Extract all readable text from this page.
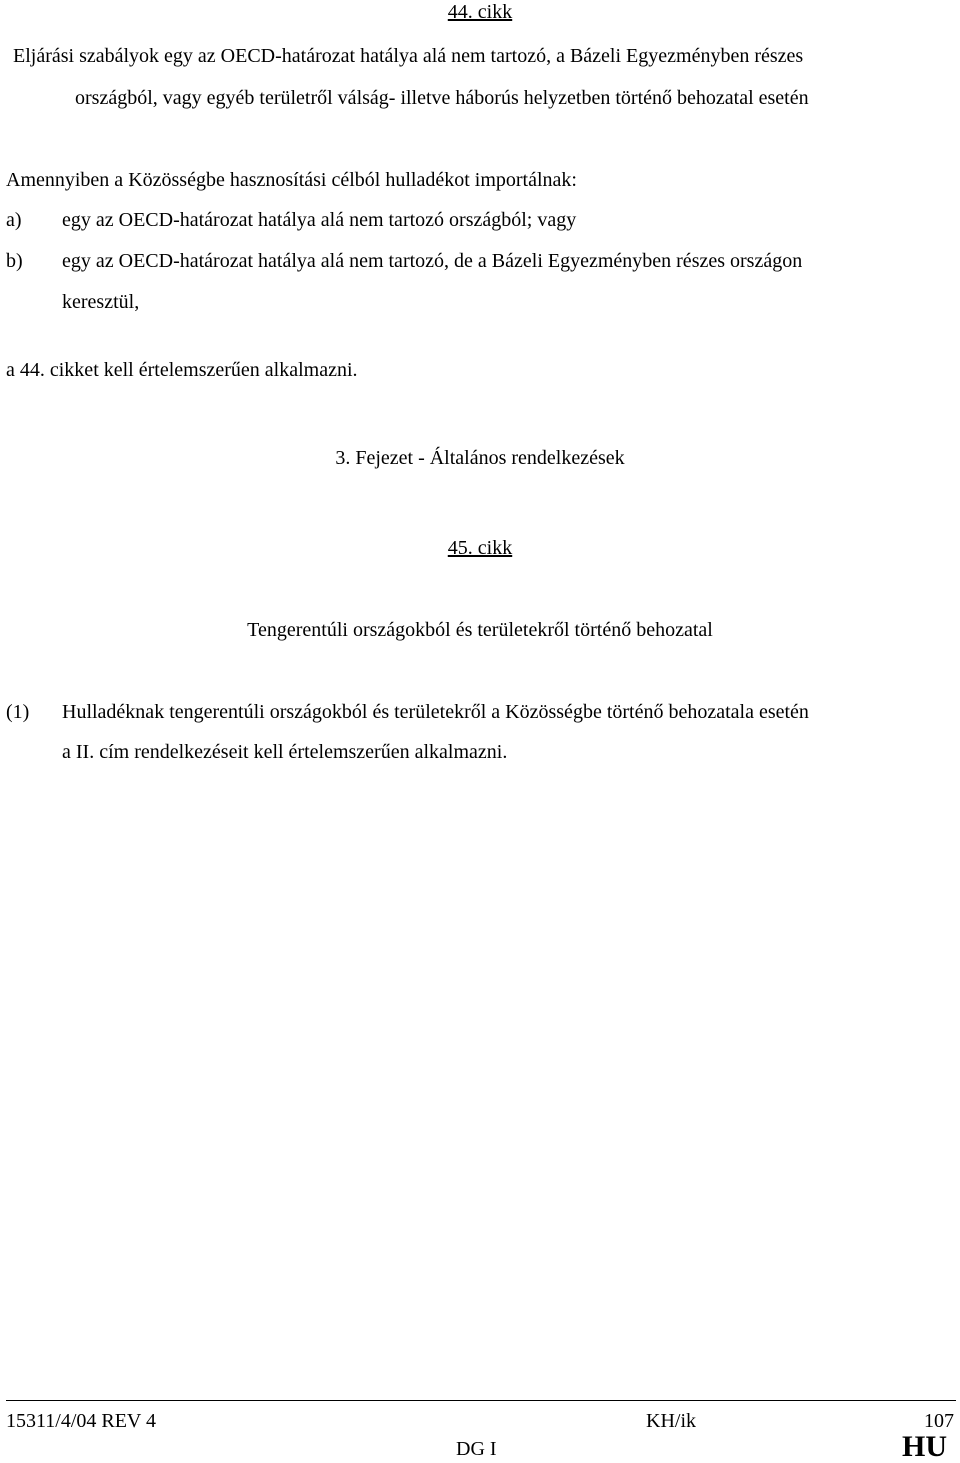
44. cikk

Eljárási szabályok egy az OECD-határozat hatálya alá nem tartozó, a Bázeli Egyezményben részes

országból, vagy egyéb területről válság- illetve háborús helyzetben történő behozatal esetén

Amennyiben a Közösségbe hasznosítási célból hulladékot importálnak:

a) egy az OECD-határozat hatálya alá nem tartozó országból; vagy

b) egy az OECD-határozat hatálya alá nem tartozó, de a Bázeli Egyezményben részes országon

keresztül,

a 44. cikket kell értelemszerűen alkalmazni.

3. Fejezet - Általános rendelkezések

45. cikk

Tengerentúli országokból és területekről történő behozatal

(1) Hulladéknak tengerentúli országokból és területekről a Közösségbe történő behozatala esetén

a II. cím rendelkezéseit kell értelemszerűen alkalmazni.

15311/4/04 REV 4	KH/ik	107

DG I	HU
